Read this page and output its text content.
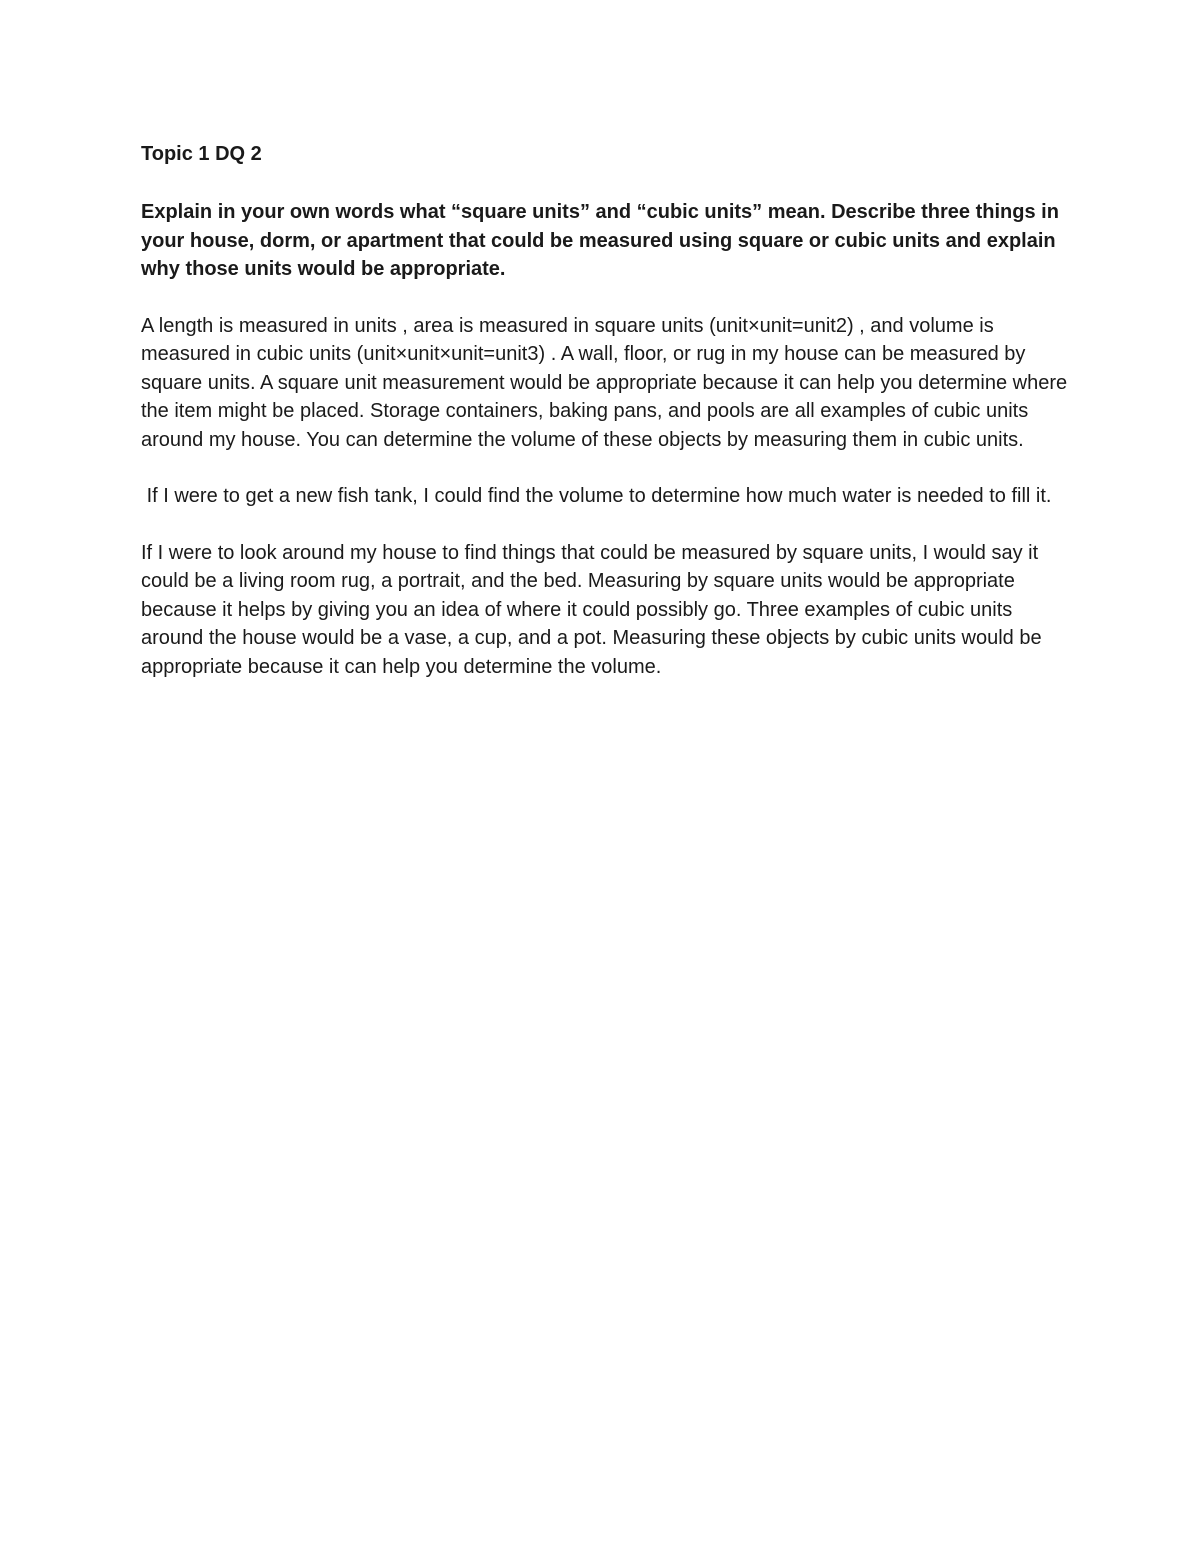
Topic 1 DQ 2
Explain in your own words what “square units” and “cubic units” mean. Describe three things in your house, dorm, or apartment that could be measured using square or cubic units and explain why those units would be appropriate.
A length is measured in units , area is measured in square units (unit×unit=unit2) , and volume is measured in cubic units (unit×unit×unit=unit3) . A wall, floor, or rug in my house can be measured by square units. A square unit measurement would be appropriate because it can help you determine where the item might be placed. Storage containers, baking pans, and pools are all examples of cubic units around my house. You can determine the volume of these objects by measuring them in cubic units.
If I were to get a new fish tank, I could find the volume to determine how much water is needed to fill it.
If I were to look around my house to find things that could be measured by square units, I would say it could be a living room rug, a portrait, and the bed. Measuring by square units would be appropriate because it helps by giving you an idea of where it could possibly go. Three examples of cubic units around the house would be a vase, a cup, and a pot. Measuring these objects by cubic units would be appropriate because it can help you determine the volume.
